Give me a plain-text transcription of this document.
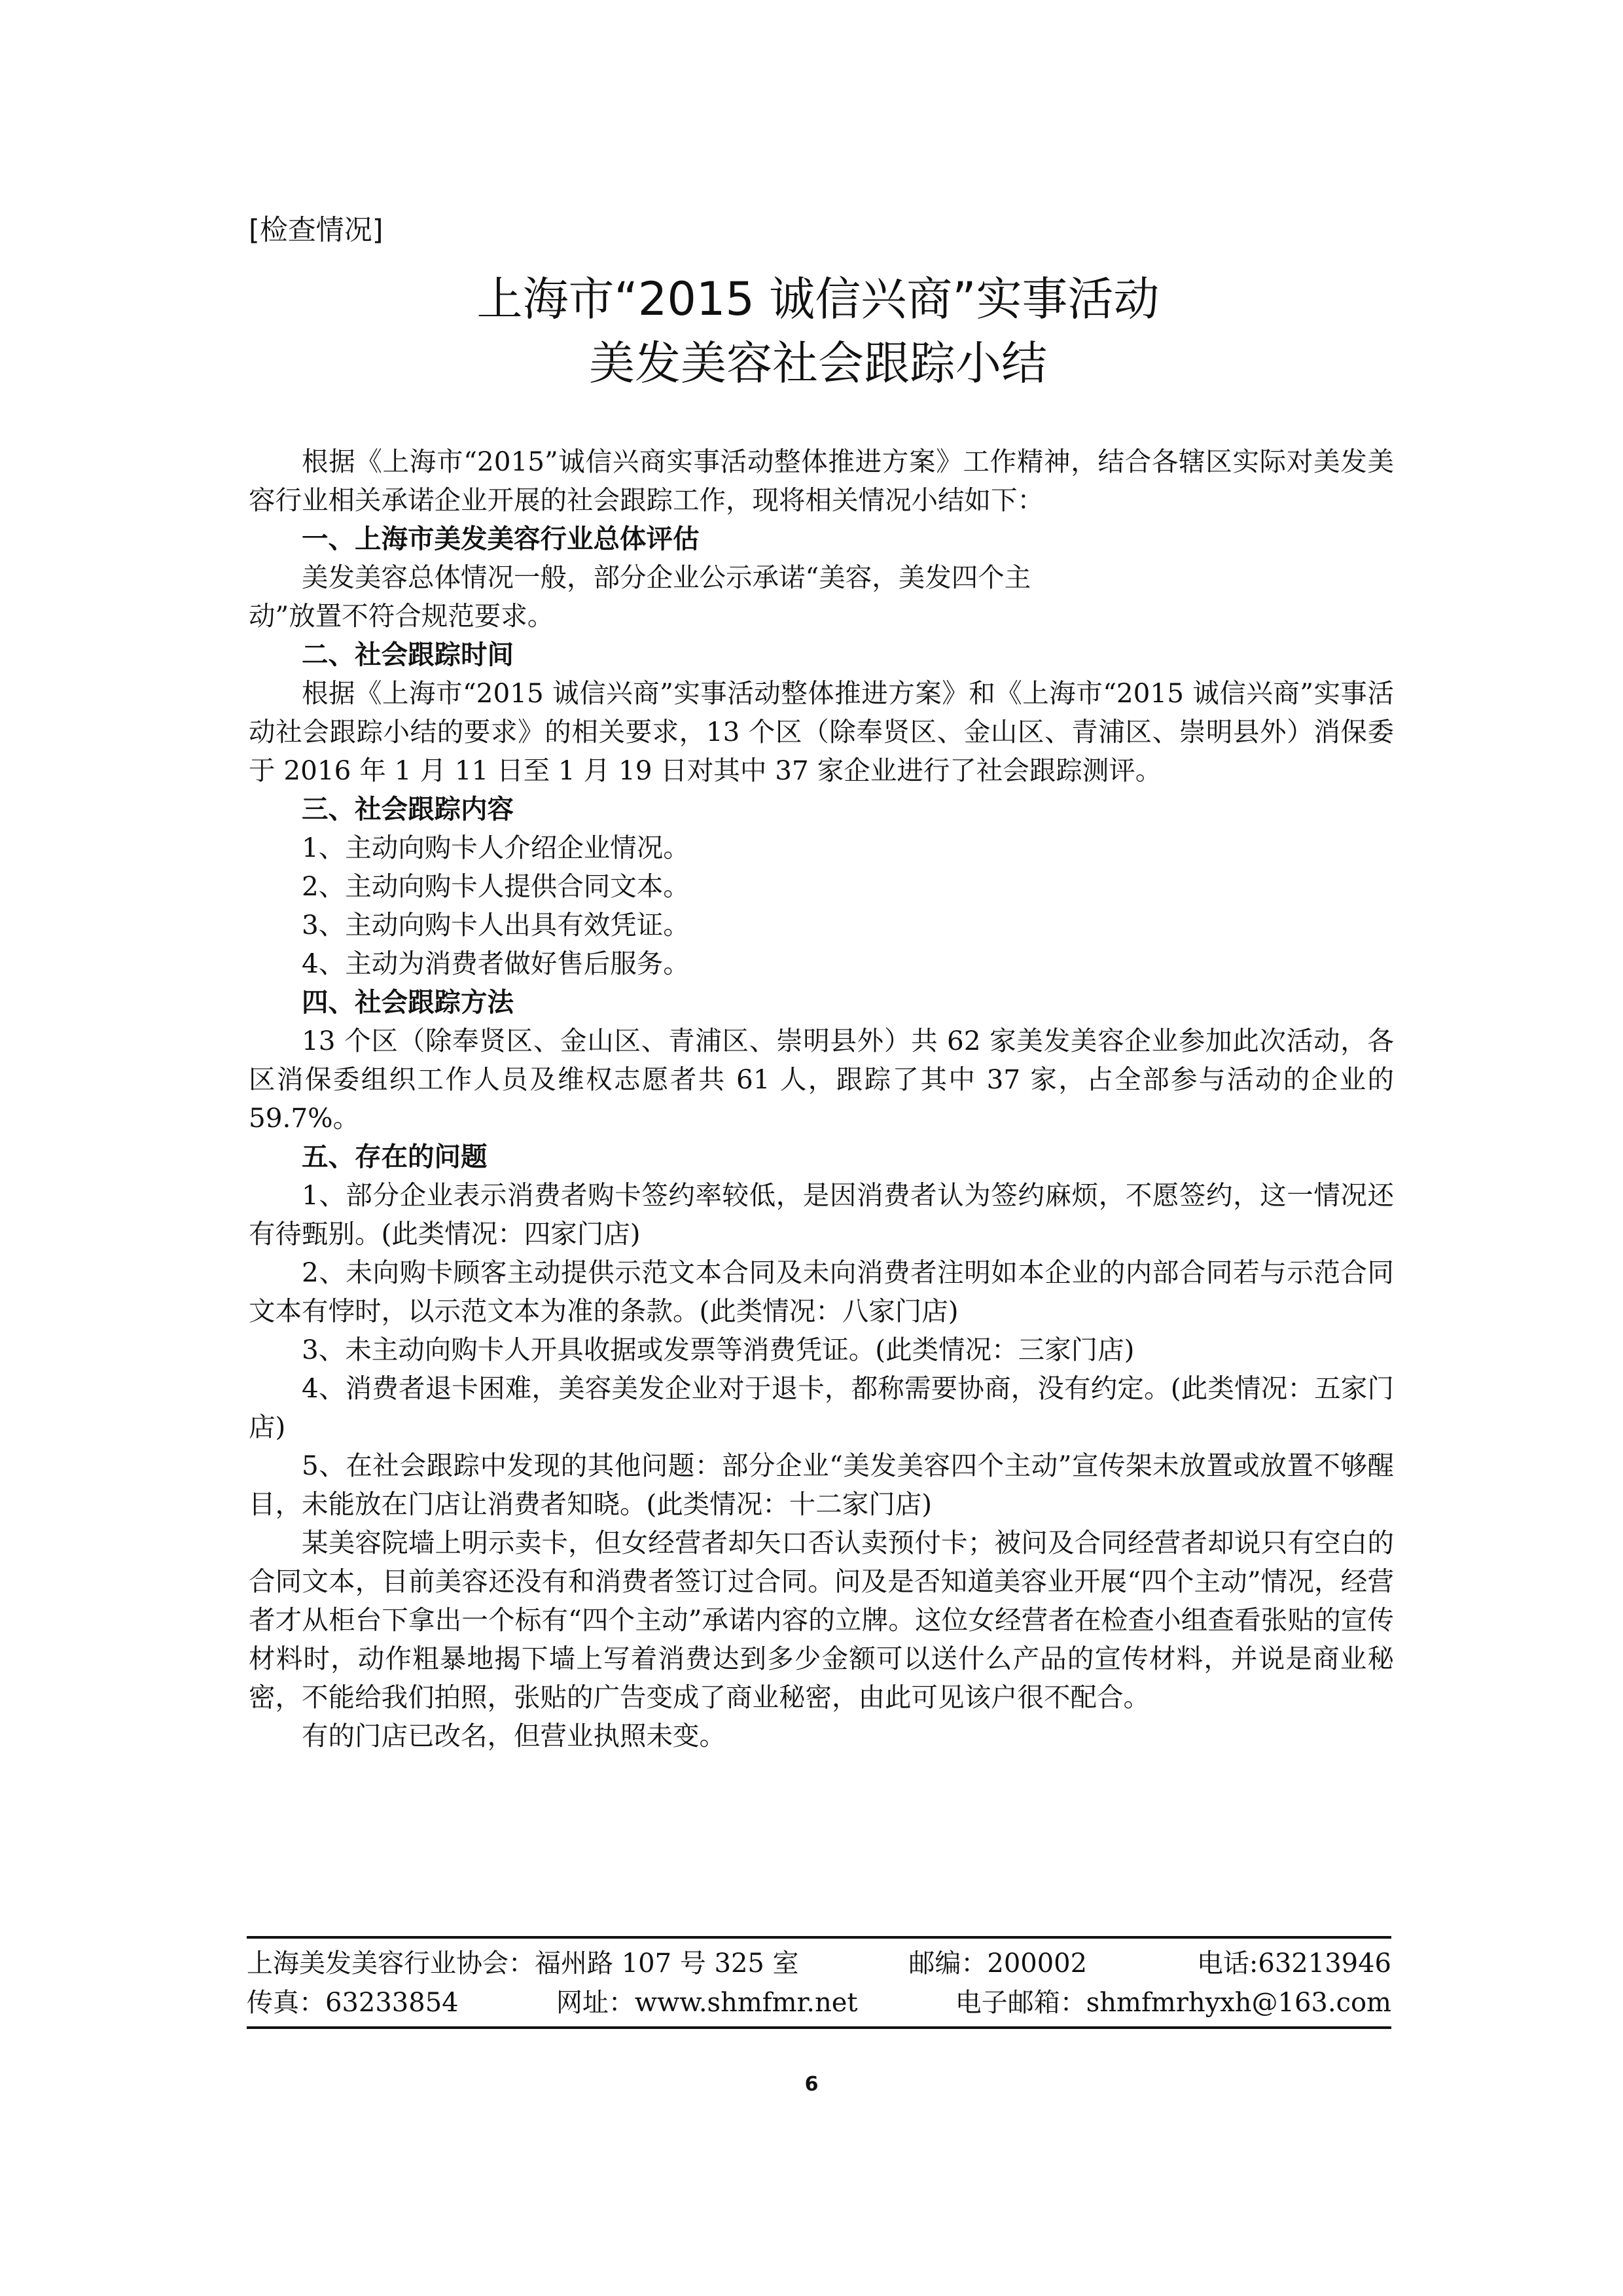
[检查情况]
上海市“2015 诚信兴商”实事活动
美发美容社会跟踪小结

根据《上海市“2015”诚信兴商实事活动整体推进方案》工作精神，结合各辖区实际对美发美容行业相关承诺企业开展的社会跟踪工作，现将相关情况小结如下：

一、上海市美发美容行业总体评估

美发美容总体情况一般，部分企业公示承诺“美容，美发四个主

动”放置不符合规范要求。

二、社会跟踪时间

根据《上海市“2015 诚信兴商”实事活动整体推进方案》和《上海市“2015 诚信兴商”实事活动社会跟踪小结的要求》的相关要求，13 个区（除奉贤区、金山区、青浦区、崇明县外）消保委于 2016 年 1 月 11 日至 1 月 19 日对其中 37 家企业进行了社会跟踪测评。

三、社会跟踪内容

1、主动向购卡人介绍企业情况。

2、主动向购卡人提供合同文本。

3、主动向购卡人出具有效凭证。

4、主动为消费者做好售后服务。

四、社会跟踪方法

13 个区（除奉贤区、金山区、青浦区、崇明县外）共 62 家美发美容企业参加此次活动，各区消保委组织工作人员及维权志愿者共 61 人，跟踪了其中 37 家，占全部参与活动的企业的 59.7%。

五、存在的问题

1、部分企业表示消费者购卡签约率较低，是因消费者认为签约麻烦，不愿签约，这一情况还有待甄别。(此类情况：四家门店)

2、未向购卡顾客主动提供示范文本合同及未向消费者注明如本企业的内部合同若与示范合同文本有悖时，以示范文本为准的条款。(此类情况：八家门店)

3、未主动向购卡人开具收据或发票等消费凭证。(此类情况：三家门店)

4、消费者退卡困难，美容美发企业对于退卡，都称需要协商，没有约定。(此类情况：五家门店)

5、在社会跟踪中发现的其他问题：部分企业“美发美容四个主动”宣传架未放置或放置不够醒目，未能放在门店让消费者知晓。(此类情况：十二家门店)

某美容院墙上明示卖卡，但女经营者却矢口否认卖预付卡；被问及合同经营者却说只有空白的合同文本，目前美容还没有和消费者签订过合同。问及是否知道美容业开展“四个主动”情况，经营者才从柜台下拿出一个标有“四个主动”承诺内容的立牌。这位女经营者在检查小组查看张贴的宣传材料时，动作粗暴地揭下墙上写着消费达到多少金额可以送什么产品的宣传材料，并说是商业秘密，不能给我们拍照，张贴的广告变成了商业秘密，由此可见该户很不配合。

有的门店已改名，但营业执照未变。

上海美发美容行业协会：福州路 107 号 325 室	邮编：200002	电话:63213946
传真：63233854	网址：www.shmfmr.net	电子邮箱：shmfmrhyxh@163.com
6
